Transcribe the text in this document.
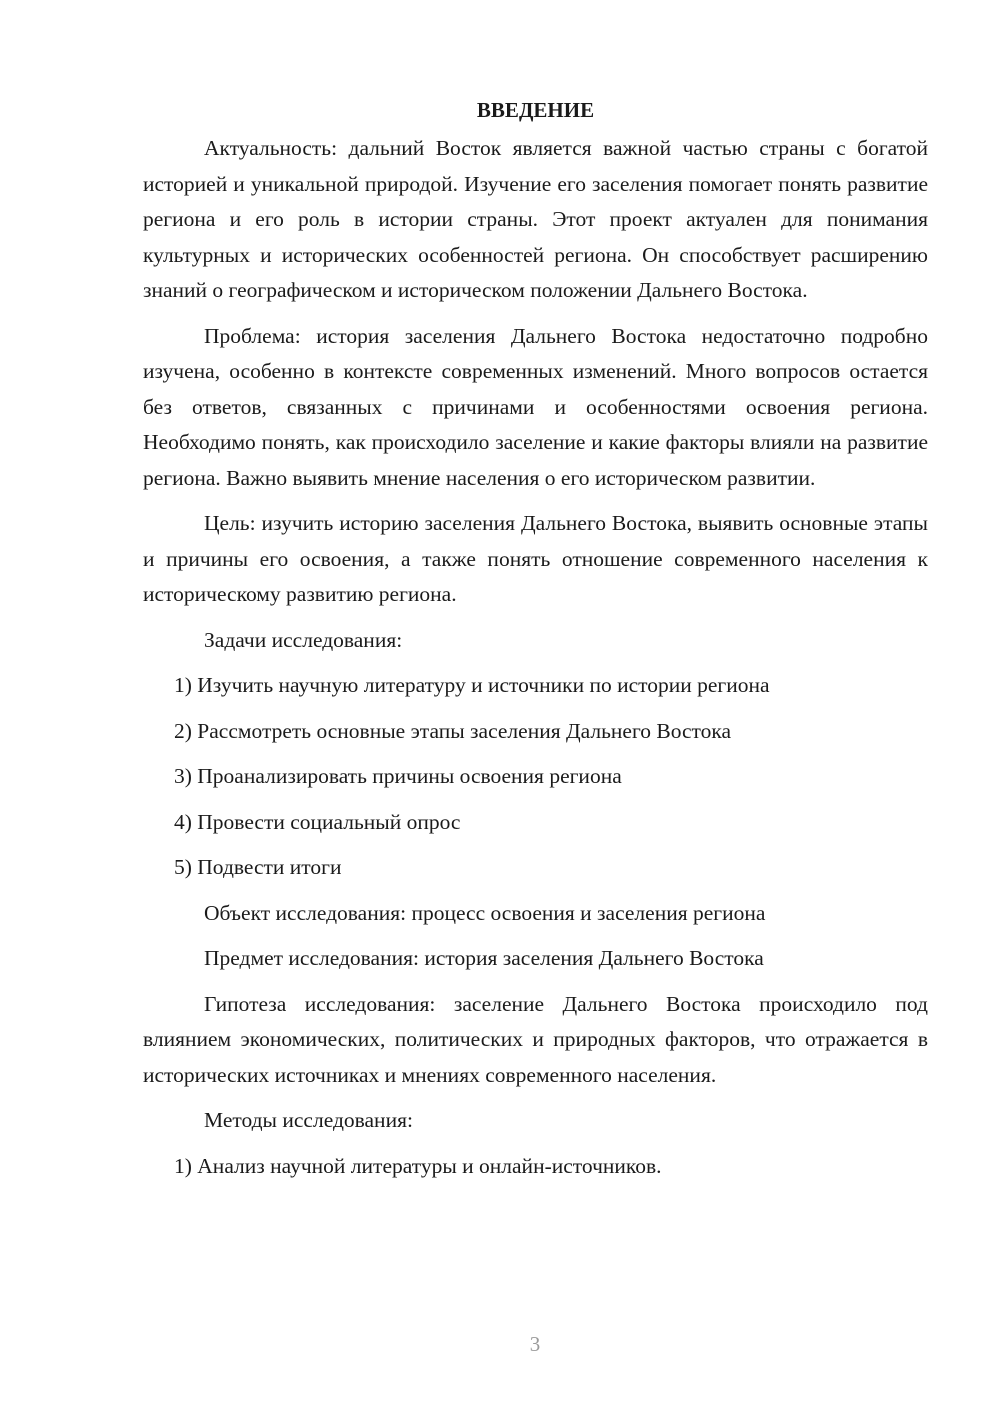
ВВЕДЕНИЕ

Актуальность: дальний Восток является важной частью страны с богатой историей и уникальной природой. Изучение его заселения помогает понять развитие региона и его роль в истории страны. Этот проект актуален для понимания культурных и исторических особенностей региона. Он способствует расширению знаний о географическом и историческом положении Дальнего Востока.

Проблема: история заселения Дальнего Востока недостаточно подробно изучена, особенно в контексте современных изменений. Много вопросов остается без ответов, связанных с причинами и особенностями освоения региона. Необходимо понять, как происходило заселение и какие факторы влияли на развитие региона. Важно выявить мнение населения о его историческом развитии.

Цель: изучить историю заселения Дальнего Востока, выявить основные этапы и причины его освоения, а также понять отношение современного населения к историческому развитию региона.

Задачи исследования:
1) Изучить научную литературу и источники по истории региона
2) Рассмотреть основные этапы заселения Дальнего Востока
3) Проанализировать причины освоения региона
4) Провести социальный опрос
5) Подвести итоги
Объект исследования: процесс освоения и заселения региона
Предмет исследования: история заселения Дальнего Востока

Гипотеза исследования: заселение Дальнего Востока происходило под влиянием экономических, политических и природных факторов, что отражается в исторических источниках и мнениях современного населения.

Методы исследования:
1) Анализ научной литературы и онлайн-источников.
3
